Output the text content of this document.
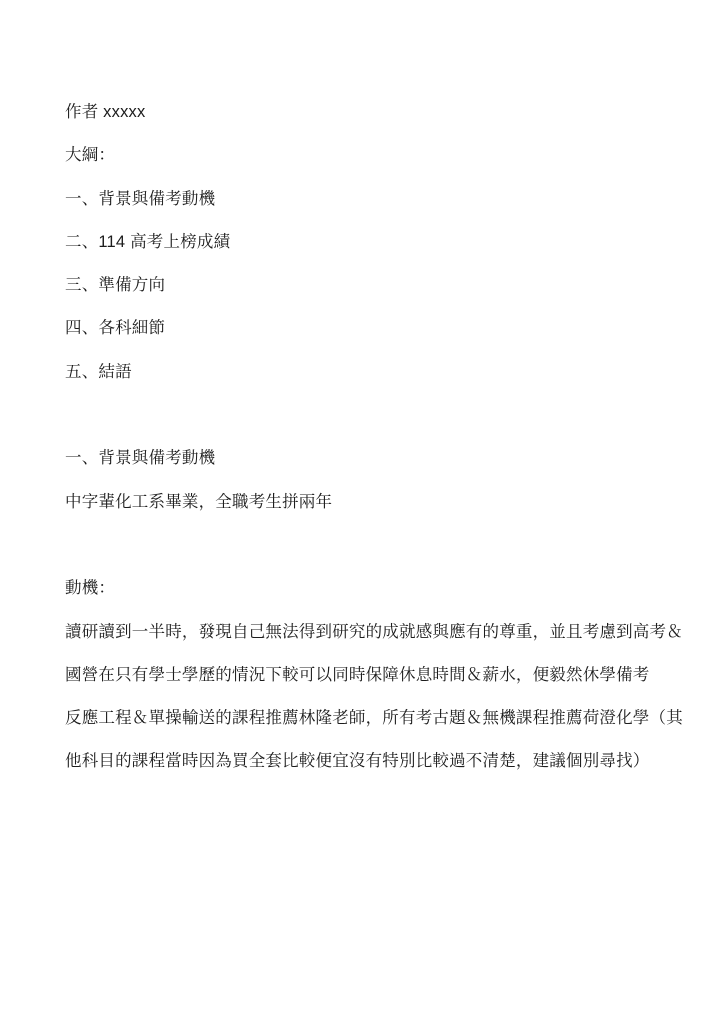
作者 xxxxx
大綱：
一、背景與備考動機
二、114 高考上榜成績
三、準備方向
四、各科細節
五、結語
一、背景與備考動機
中字輩化工系畢業，全職考生拼兩年
動機：
讀研讀到一半時，發現自己無法得到研究的成就感與應有的尊重，並且考慮到高考＆
國營在只有學士學歷的情況下較可以同時保障休息時間＆薪水，便毅然休學備考
反應工程＆單操輸送的課程推薦林隆老師，所有考古題＆無機課程推薦荷澄化學（其
他科目的課程當時因為買全套比較便宜沒有特別比較過不清楚，建議個別尋找）
